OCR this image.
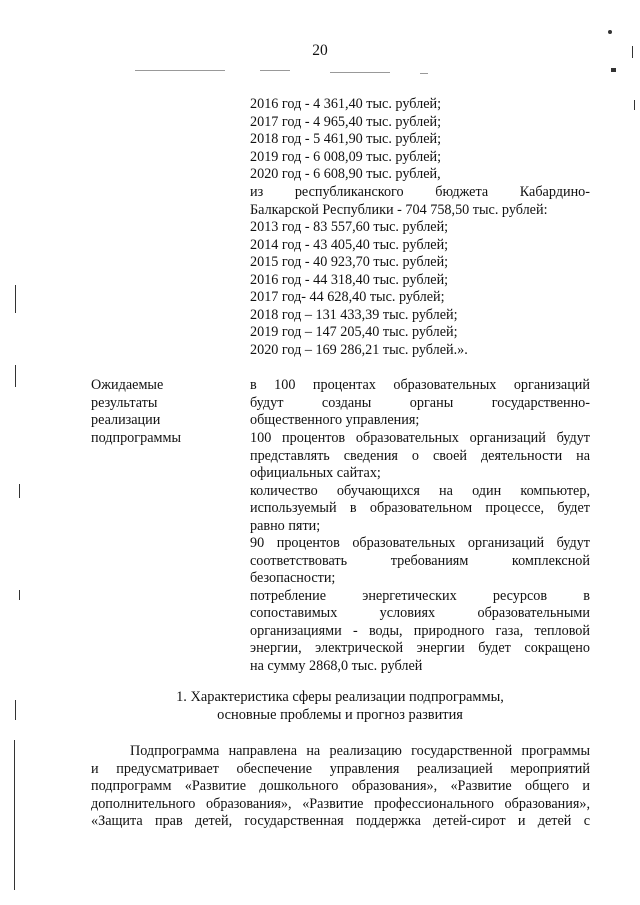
20
2016 год - 4 361,40 тыс. рублей;
2017 год - 4 965,40 тыс. рублей;
2018 год - 5 461,90 тыс. рублей;
2019 год - 6 008,09 тыс. рублей;
2020 год - 6 608,90 тыс. рублей,
из республиканского бюджета Кабардино-
Балкарской Республики - 704 758,50 тыс. рублей:
2013 год - 83 557,60 тыс. рублей;
2014 год - 43 405,40 тыс. рублей;
2015 год - 40 923,70 тыс. рублей;
2016 год - 44 318,40 тыс. рублей;
2017 год- 44 628,40 тыс. рублей;
2018 год – 131 433,39 тыс. рублей;
2019 год – 147 205,40 тыс. рублей;
2020 год – 169 286,21 тыс. рублей.».
Ожидаемые
результаты
реализации
подпрограммы
в 100 процентах образовательных организаций
будут созданы органы государственно-
общественного управления;
100 процентов образовательных организаций будут
представлять сведения о своей деятельности на
официальных сайтах;
количество обучающихся на один компьютер,
используемый в образовательном процессе, будет
равно пяти;
90 процентов образовательных организаций будут
соответствовать требованиям комплексной
безопасности;
потребление энергетических ресурсов в
сопоставимых условиях образовательными
организациями - воды, природного газа, тепловой
энергии, электрической энергии будет сокращено
на сумму 2868,0 тыс. рублей
1. Характеристика сферы реализации подпрограммы,
основные проблемы и прогноз развития
Подпрограмма направлена на реализацию государственной программы
и предусматривает обеспечение управления реализацией мероприятий
подпрограмм «Развитие дошкольного образования», «Развитие общего и
дополнительного образования», «Развитие профессионального образования»,
«Защита прав детей, государственная поддержка детей-сирот и детей с
